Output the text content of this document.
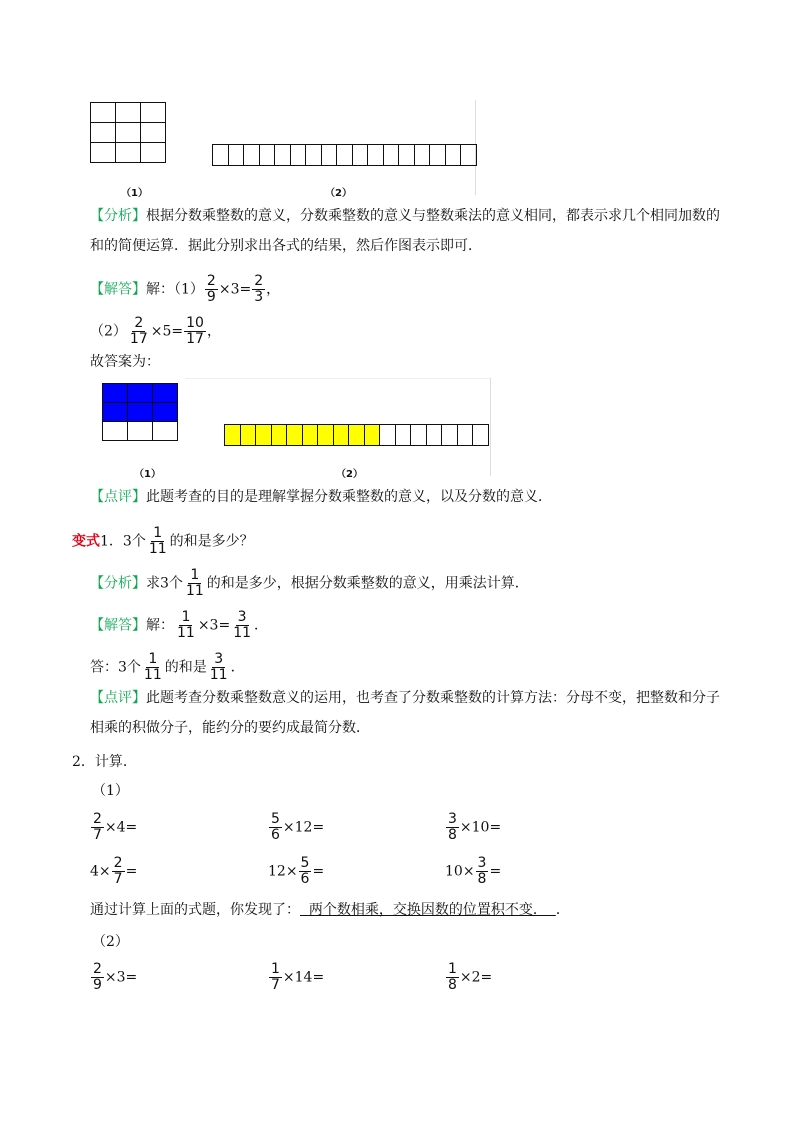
（1）	（2）
【分析】根据分数乘整数的意义，分数乘整数的意义与整数乘法的意义相同，都表示求几个相同加数的
和的简便运算．据此分别求出各式的结果，然后作图表示即可．
【解答】解：$(1) \frac{2}{9} \times 3= \frac{2}{3}$ ，
$(2) \frac{2}{17} \times 5= \frac{10}{17}$ ，
故答案为：

（1）	（2）
【点评】此题考查的目的是理解掌握分数乘整数的意义，以及分数的意义．
变式1．3个 $\frac{1}{11}$ 的和是多少？
【分析】求3个 $\frac{1}{11}$ 的和是多少，根据分数乘整数的意义，用乘法计算．
【解答】解： $\frac{1}{11} \times 3= \frac{3}{11}$ ．
答：3个 $\frac{1}{11}$ 的和是 $\frac{3}{11}$ ．
【点评】此题考查分数乘整数意义的运用，也考查了分数乘整数的计算方法：分母不变，把整数和分子
相乘的积做分子，能约分的要约成最简分数．
2．计算．
（1）
$\frac{2}{7} \times 4=$	$\frac{5}{6} \times 12=$	$\frac{3}{8} \times 10=$
$4\times \frac{2}{7}$ =	$12\times \frac{5}{6}$ =	$10\times \frac{3}{8}$ =
通过计算上面的式题，你发现了：  两个数相乘，交换因数的位置积不变．  ．
（2）
$\frac{2}{9} \times 3=$	$\frac{1}{7} \times 14=$	$\frac{1}{8} \times 2=$
